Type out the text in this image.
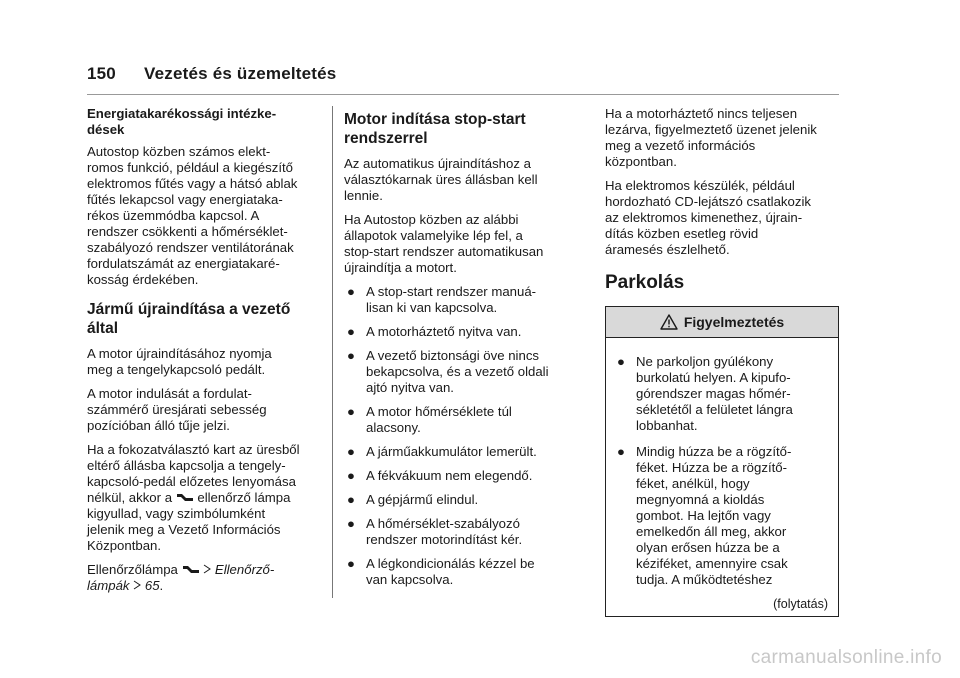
150 Vezetés és üzemeltetés
Energiatakarékossági intézke-
dések

Autostop közben számos elekt-
romos funkció, például a kiegészítő
elektromos fűtés vagy a hátsó ablak
fűtés lekapcsol vagy energiataka-
rékos üzemmódba kapcsol. A
rendszer csökkenti a hőmérséklet-
szabályozó rendszer ventilátorának
fordulatszámát az energiatakaré-
kosság érdekében.

Jármű újraindítása a vezető
által

A motor újraindításához nyomja
meg a tengelykapcsoló pedált.

A motor indulását a fordulat-
számmérő üresjárati sebesség
pozícióban álló tűje jelzi.

Ha a fokozatválasztó kart az üresből
eltérő állásba kapcsolja a tengely-
kapcsoló-pedál előzetes lenyomása
nélkül, akkor a  ellenőrző lámpa
kigyullad, vagy szimbólumként
jelenik meg a Vezető Információs
Központban.

Ellenőrzőlámpa	Ellenőrző-
lámpák 65.

Motor indítása stop-start
rendszerrel

Az automatikus újraindításhoz a
választókarnak üres állásban kell
lennie.

Ha Autostop közben az alábbi
állapotok valamelyike lép fel, a
stop-start rendszer automatikusan
újraindítja a motort.

● A stop-start rendszer manuá-
lisan ki van kapcsolva.
● A motorháztető nyitva van.
● A vezető biztonsági öve nincs
bekapcsolva, és a vezető oldali
ajtó nyitva van.
● A motor hőmérséklete túl
alacsony.
● A járműakkumulátor lemerült.
● A fékvákuum nem elegendő.
● A gépjármű elindul.
● A hőmérséklet-szabályozó
rendszer motorindítást kér.
● A légkondicionálás kézzel be
van kapcsolva.

Ha a motorháztető nincs teljesen
lezárva, figyelmeztető üzenet jelenik
meg a vezető információs
központban.

Ha elektromos készülék, például
hordozható CD-lejátszó csatlakozik
az elektromos kimenethez, újrain-
dítás közben esetleg rövid
áramesés észlelhető.

Parkolás
Figyelmeztetés
● Ne parkoljon gyúlékony
burkolatú helyen. A kipufo-
górendszer magas hőmér-
sékletétől a felületet lángra
lobbanhat.
● Mindig húzza be a rögzítő-
féket. Húzza be a rögzítő-
féket, anélkül, hogy
megnyomná a kioldás
gombot. Ha lejtőn vagy
emelkedőn áll meg, akkor
olyan erősen húzza be a
kéziféket, amennyire csak
tudja. A működtetéshez
(folytatás)
carmanualsonline.info
